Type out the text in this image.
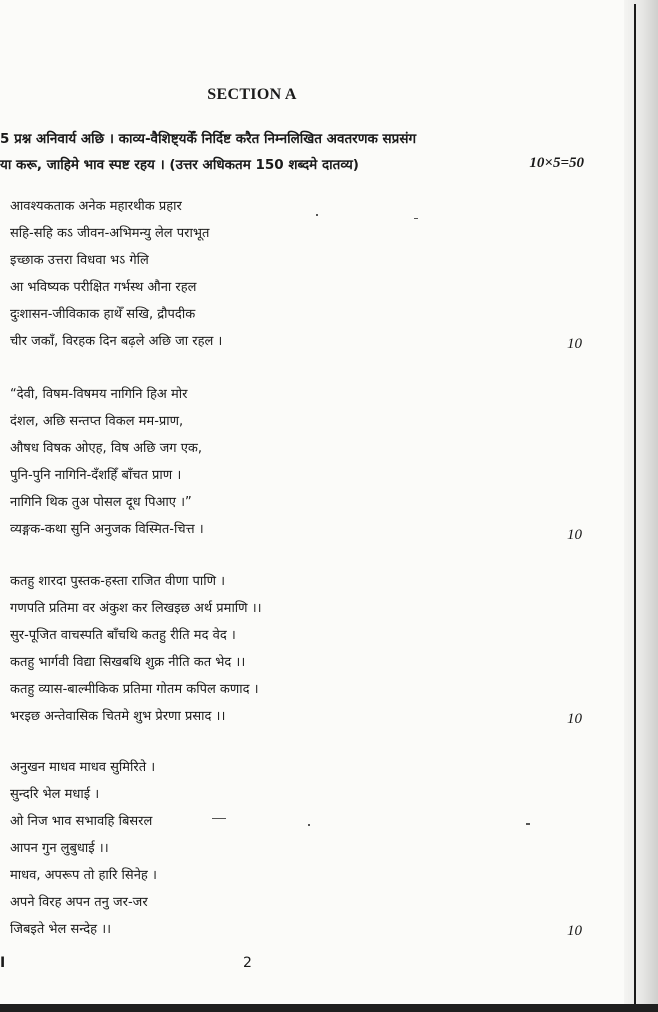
SECTION A
5 प्रश्न अनिवार्य अछि । काव्य-वैशिष्ट्यकेँ निर्दिष्ट करैत निम्नलिखित अवतरणक सप्रसंग
या करू, जाहिमे भाव स्पष्ट रहय । (उत्तर अधिकतम 150 शब्दमे दातव्य)	10×5=50
आवश्यकताक अनेक महारथीक प्रहार
सहि-सहि कऽ जीवन-अभिमन्यु लेल पराभूत
इच्छाक उत्तरा विधवा भऽ गेलि
आ भविष्यक परीक्षित गर्भस्थ औना रहल
दुःशासन-जीविकाक हाथेँ सखि, द्रौपदीक
चीर जकाँ, विरहक दिन बढ़ले अछि जा रहल ।	10
“देवी, विषम-विषमय नागिनि हिअ मोर
दंशल, अछि सन्तप्त विकल मम-प्राण,
औषध विषक ओएह, विष अछि जग एक,
पुनि-पुनि नागिनि-दँशहिँ बाँचत प्राण ।
नागिनि थिक तुअ पोसल दूध पिआए ।”
व्यङ्गक-कथा सुनि अनुजक विस्मित-चित्त ।	10
कतहु शारदा पुस्तक-हस्ता राजित वीणा पाणि ।
गणपति प्रतिमा वर अंकुश कर लिखइछ अर्थ प्रमाणि ।।
सुर-पूजित वाचस्पति बाँचथि कतहु रीति मद वेद ।
कतहु भार्गवी विद्या सिखबथि शुक्र नीति कत भेद ।।
कतहु व्यास-बाल्मीकिक प्रतिमा गोतम कपिल कणाद ।
भरइछ अन्तेवासिक चितमे शुभ प्रेरणा प्रसाद ।।	10
अनुखन माधव माधव सुमिरिते ।
सुन्दरि भेल मधाई ।
ओ निज भाव सभावहि बिसरल
आपन गुन लुबुधाई ।।
माधव, अपरूप तो हारि सिनेह ।
अपने विरह अपन तनु जर-जर
जिबइते भेल सन्देह ।।	10
I	2
